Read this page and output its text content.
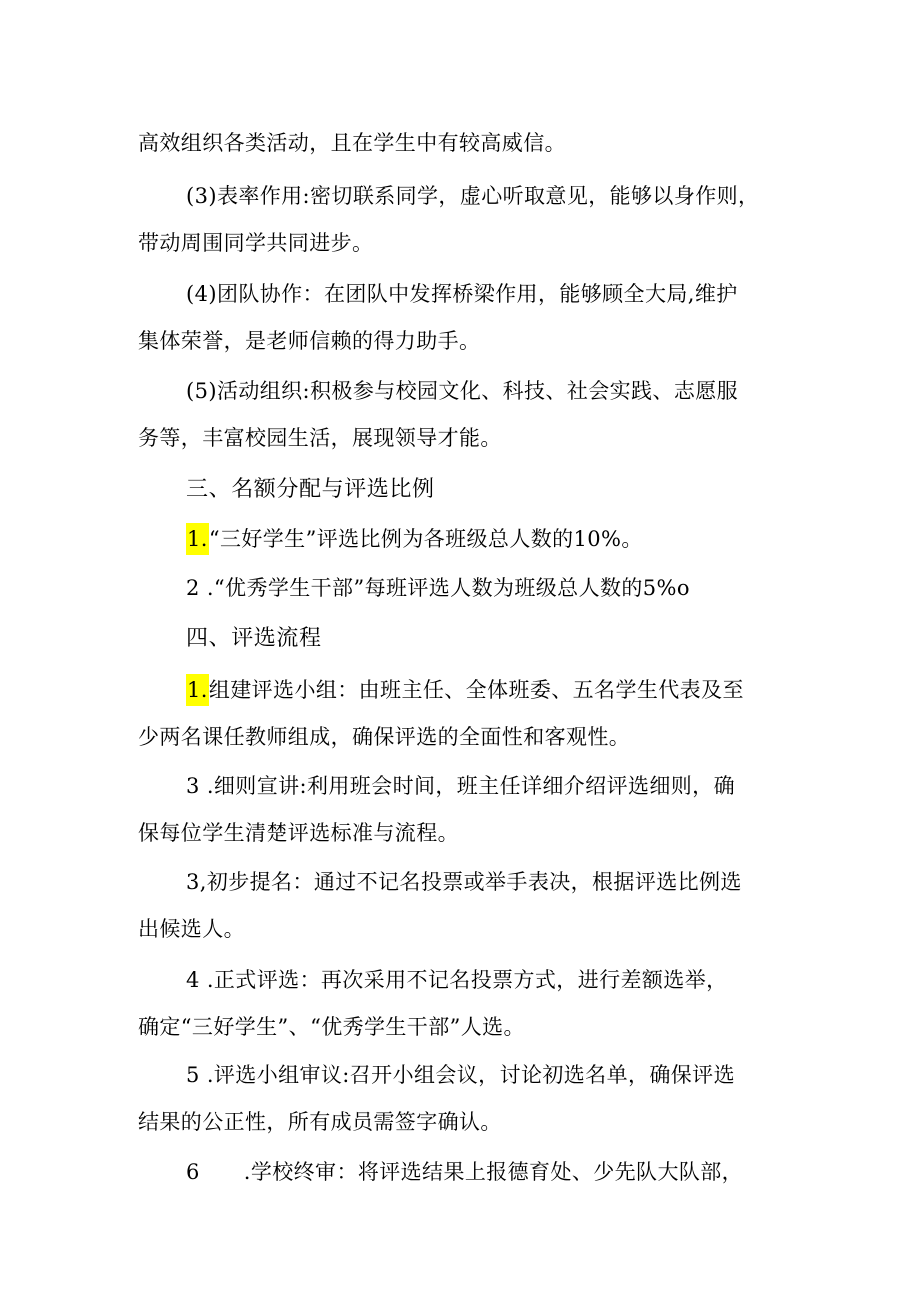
高效组织各类活动，且在学生中有较高威信。
(3)表率作用:密切联系同学，虚心听取意见，能够以身作则，
带动周围同学共同进步。
(4)团队协作：在团队中发挥桥梁作用，能够顾全大局,维护
集体荣誉，是老师信赖的得力助手。
(5)活动组织:积极参与校园文化、科技、社会实践、志愿服
务等，丰富校园生活，展现领导才能。
三、名额分配与评选比例
1.“三好学生”评选比例为各班级总人数的10%。
2 .“优秀学生干部”每班评选人数为班级总人数的5%o
四、评选流程
1.组建评选小组：由班主任、全体班委、五名学生代表及至
少两名课任教师组成，确保评选的全面性和客观性。
3 .细则宣讲:利用班会时间，班主任详细介绍评选细则，确
保每位学生清楚评选标准与流程。
3,初步提名：通过不记名投票或举手表决，根据评选比例选
出候选人。
4 .正式评选：再次采用不记名投票方式，进行差额选举，
确定“三好学生”、“优秀学生干部”人选。
5 .评选小组审议:召开小组会议，讨论初选名单，确保评选
结果的公正性，所有成员需签字确认。
6 .学校终审：将评选结果上报德育处、少先队大队部，
